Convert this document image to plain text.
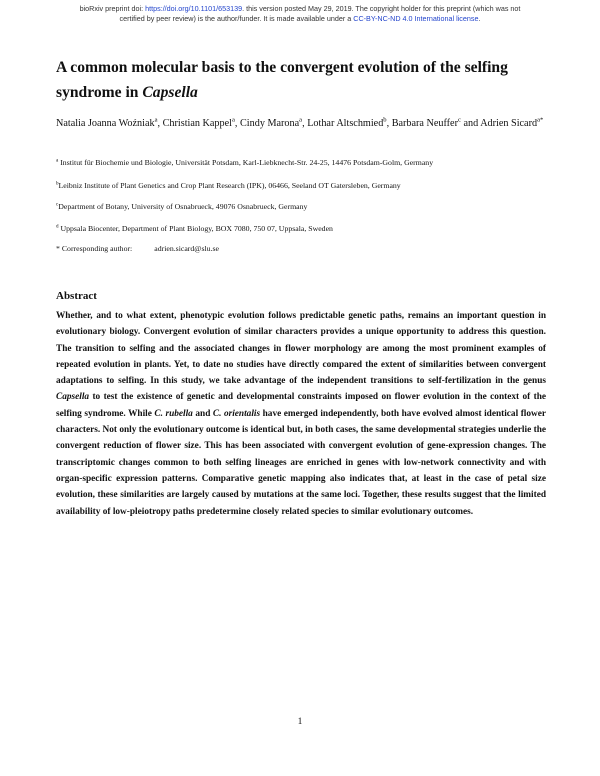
bioRxiv preprint doi: https://doi.org/10.1101/653139. this version posted May 29, 2019. The copyright holder for this preprint (which was not
certified by peer review) is the author/funder. It is made available under a CC-BY-NC-ND 4.0 International license.
A common molecular basis to the convergent evolution of the selfing syndrome in Capsella

Natalia Joanna Woźniak$^a$, Christian Kappel$^a$, Cindy Marona$^a$, Lothar Altschmied$^b$, Barbara Neuffer$^c$ and Adrien Sicard$^{a*}$

$^a$ Institut für Biochemie und Biologie, Universität Potsdam, Karl-Liebknecht-Str. 24-25, 14476 Potsdam-Golm, Germany

$^b$Leibniz Institute of Plant Genetics and Crop Plant Research (IPK), 06466, Seeland OT Gatersleben, Germany

$^c$Department of Botany, University of Osnabrueck, 49076 Osnabrueck, Germany

$^d$ Uppsala Biocenter, Department of Plant Biology, BOX 7080, 750 07, Uppsala, Sweden

* Corresponding author:	adrien.sicard@slu.se

Abstract

Whether, and to what extent, phenotypic evolution follows predictable genetic paths, remains an important question in evolutionary biology. Convergent evolution of similar characters provides a unique opportunity to address this question. The transition to selfing and the associated changes in flower morphology are among the most prominent examples of repeated evolution in plants. Yet, to date no studies have directly compared the extent of similarities between convergent adaptations to selfing. In this study, we take advantage of the independent transitions to self-fertilization in the genus Capsella to test the existence of genetic and developmental constraints imposed on flower evolution in the context of the selfing syndrome. While C. rubella and C. orientalis have emerged independently, both have evolved almost identical flower characters. Not only the evolutionary outcome is identical but, in both cases, the same developmental strategies underlie the convergent reduction of flower size. This has been associated with convergent evolution of gene-expression changes. The transcriptomic changes common to both selfing lineages are enriched in genes with low-network connectivity and with organ-specific expression patterns. Comparative genetic mapping also indicates that, at least in the case of petal size evolution, these similarities are largely caused by mutations at the same loci. Together, these results suggest that the limited availability of low-pleiotropy paths predetermine closely related species to similar evolutionary outcomes.

1
